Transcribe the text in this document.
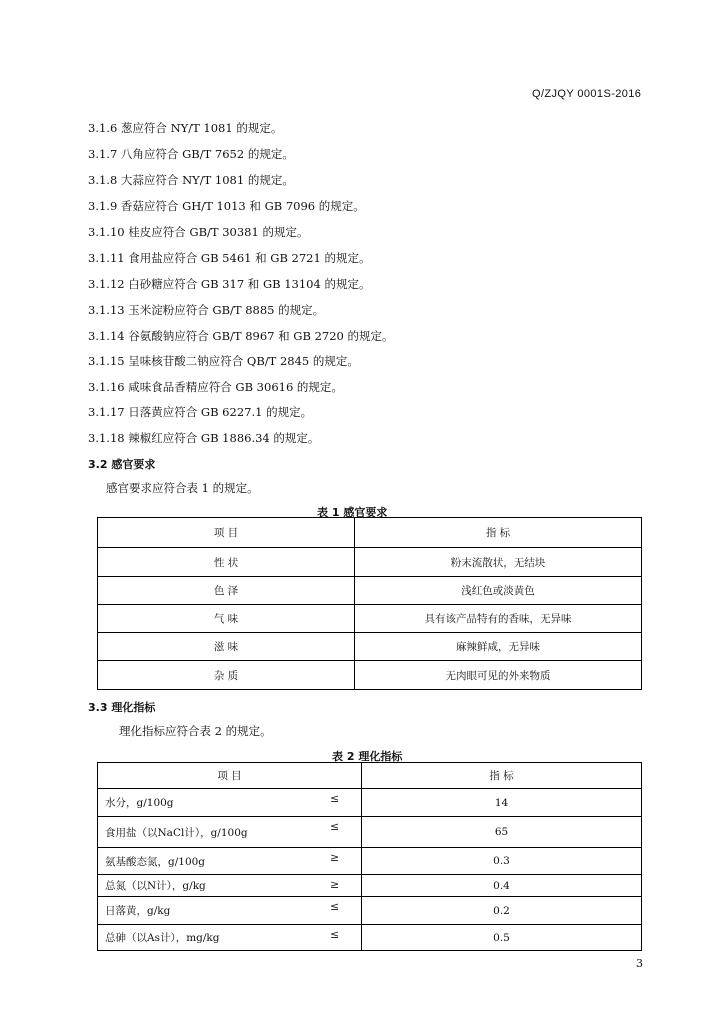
Q/ZJQY 0001S-2016
3.1.6 葱应符合 NY/T 1081 的规定。
3.1.7 八角应符合 GB/T 7652 的规定。
3.1.8 大蒜应符合 NY/T 1081 的规定。
3.1.9 香菇应符合 GH/T 1013 和 GB 7096 的规定。
3.1.10 桂皮应符合 GB/T 30381 的规定。
3.1.11 食用盐应符合 GB 5461 和 GB 2721 的规定。
3.1.12 白砂糖应符合 GB 317 和 GB 13104 的规定。
3.1.13 玉米淀粉应符合 GB/T 8885 的规定。
3.1.14 谷氨酸钠应符合 GB/T 8967 和 GB 2720 的规定。
3.1.15 呈味核苷酸二钠应符合 QB/T 2845 的规定。
3.1.16 咸味食品香精应符合 GB 30616 的规定。
3.1.17 日落黄应符合 GB 6227.1 的规定。
3.1.18 辣椒红应符合 GB 1886.34 的规定。
3.2 感官要求
感官要求应符合表 1 的规定。
表 1 感官要求
项 目	指 标
性 状	粉末流散状，无结块
色 泽	浅红色或淡黄色
气 味	具有该产品特有的香味，无异味
滋 味	麻辣鲜咸，无异味
杂 质	无肉眼可见的外来物质
3.3 理化指标
理化指标应符合表 2 的规定。
表 2 理化指标
项 目	指 标
水分，g/100g ≤	14
食用盐（以NaCl计），g/100g ≤	65
氨基酸态氮，g/100g ≥	0.3
总氮（以N计），g/kg ≥	0.4
日落黄，g/kg ≤	0.2
总砷（以As计），mg/kg ≤	0.5
3
